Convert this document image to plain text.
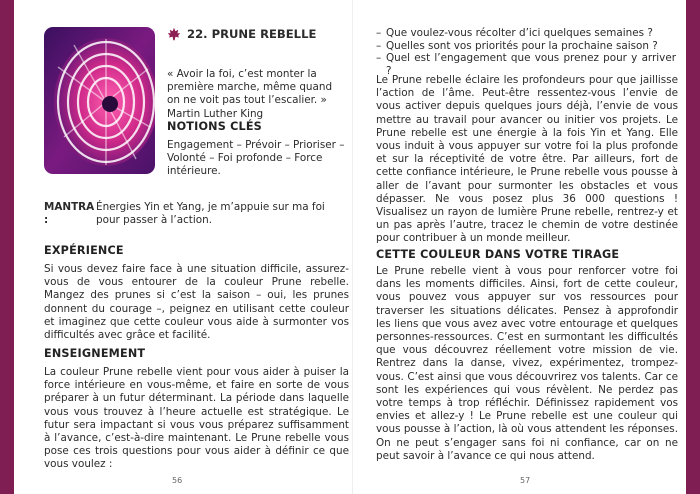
22. PRUNE REBELLE
« Avoir la foi, c’est monter la première marche, même quand on ne voit pas tout l’escalier. » Martin Luther King
NOTIONS CLÉS
Engagement – Prévoir – Prioriser – Volonté – Foi profonde – Force intérieure.
MANTRA :
Énergies Yin et Yang, je m’appuie sur ma foi pour passer à l’action.
EXPÉRIENCE

Si vous devez faire face à une situation difficile, assurez-vous de vous entourer de la couleur Prune rebelle. Mangez des prunes si c’est la saison – oui, les prunes donnent du courage –, peignez en utilisant cette couleur et imaginez que cette couleur vous aide à surmonter vos difficultés avec grâce et facilité.

ENSEIGNEMENT

La couleur Prune rebelle vient pour vous aider à puiser la force intérieure en vous-même, et faire en sorte de vous préparer à un futur déterminant. La période dans laquelle vous vous trouvez à l’heure actuelle est stratégique. Le futur sera impactant si vous vous préparez suffisamment à l’avance, c’est-à-dire maintenant. Le Prune rebelle vous pose ces trois questions pour vous aider à définir ce que vous voulez :

56
– Que voulez-vous récolter d’ici quelques semaines ?
– Quelles sont vos priorités pour la prochaine saison ?
– Quel est l’engagement que vous prenez pour y arriver ?

Le Prune rebelle éclaire les profondeurs pour que jaillisse l’action de l’âme. Peut-être ressentez-vous l’envie de vous activer depuis quelques jours déjà, l’envie de vous mettre au travail pour avancer ou initier vos projets. Le Prune rebelle est une énergie à la fois Yin et Yang. Elle vous induit à vous appuyer sur votre foi la plus profonde et sur la réceptivité de votre être. Par ailleurs, fort de cette confiance intérieure, le Prune rebelle vous pousse à aller de l’avant pour surmonter les obstacles et vous dépasser. Ne vous posez plus 36 000 questions ! Visualisez un rayon de lumière Prune rebelle, rentrez-y et un pas après l’autre, tracez le chemin de votre destinée pour contribuer à un monde meilleur.

CETTE COULEUR DANS VOTRE TIRAGE

Le Prune rebelle vient à vous pour renforcer votre foi dans les moments difficiles. Ainsi, fort de cette couleur, vous pouvez vous appuyer sur vos ressources pour traverser les situations délicates. Pensez à approfondir les liens que vous avez avec votre entourage et quelques personnes-ressources. C’est en surmontant les difficultés que vous découvrez réellement votre mission de vie. Rentrez dans la danse, vivez, expérimentez, trompez-vous. C’est ainsi que vous découvrirez vos talents. Car ce sont les expériences qui vous révèlent. Ne perdez pas votre temps à trop réfléchir. Définissez rapidement vos envies et allez-y ! Le Prune rebelle est une couleur qui vous pousse à l’action, là où vous attendent les réponses. On ne peut s’engager sans foi ni confiance, car on ne peut savoir à l’avance ce qui nous attend.

57
